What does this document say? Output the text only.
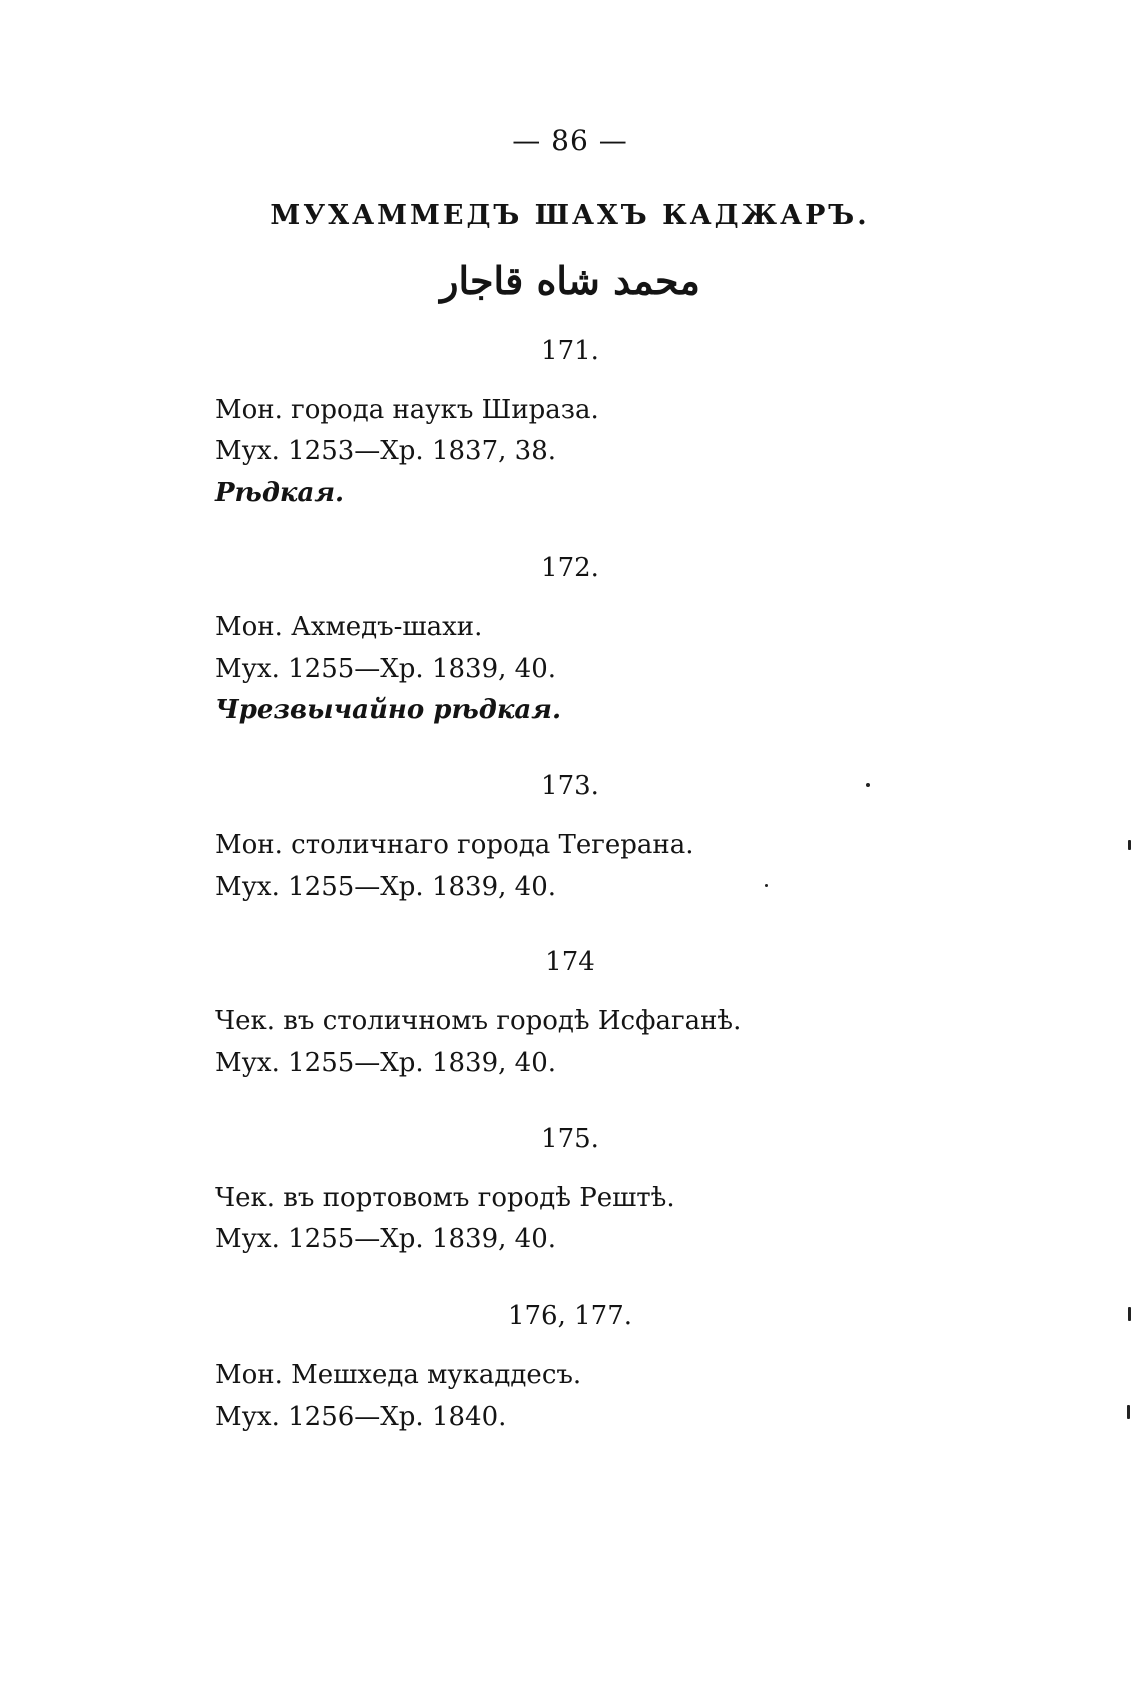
— 86 —
МУХАММЕДЪ ШАХЪ КАДЖАРЪ.
محمد شاه قاجار
171.
Мон. города наукъ Шираза.
Мух. 1253—Хр. 1837, 38.
Рѣдкая.
172.
Мон. Ахмедъ-шахи.
Мух. 1255—Хр. 1839, 40.
Чрезвычайно рѣдкая.
173.
Мон. столичнаго города Тегерана.
Мух. 1255—Хр. 1839, 40.
174
Чек. въ столичномъ городѣ Исфаганѣ.
Мух. 1255—Хр. 1839, 40.
175.
Чек. въ портовомъ городѣ Рештѣ.
Мух. 1255—Хр. 1839, 40.
176, 177.
Мон. Мешхеда мукаддесъ.
Мух. 1256—Хр. 1840.
